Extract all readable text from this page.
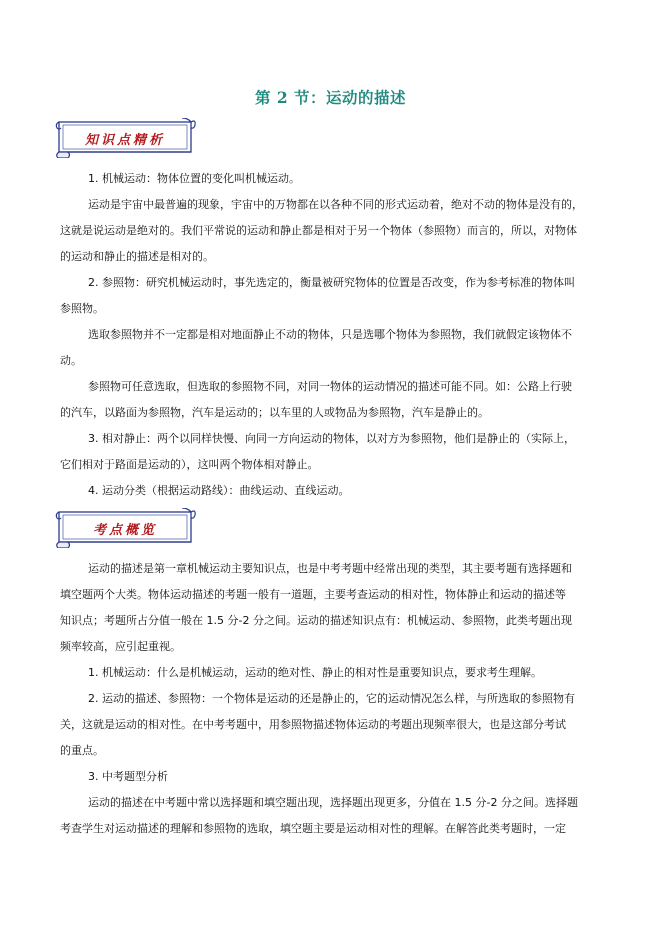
第 2 节：运动的描述
知识点精析
考点概览
1. 机械运动：物体位置的变化叫机械运动。
运动是宇宙中最普遍的现象，宇宙中的万物都在以各种不同的形式运动着，绝对不动的物体是没有的，
这就是说运动是绝对的。我们平常说的运动和静止都是相对于另一个物体（参照物）而言的，所以，对物体
的运动和静止的描述是相对的。
2. 参照物：研究机械运动时，事先选定的，衡量被研究物体的位置是否改变，作为参考标准的物体叫
参照物。
选取参照物并不一定都是相对地面静止不动的物体，只是选哪个物体为参照物，我们就假定该物体不
动。
参照物可任意选取，但选取的参照物不同，对同一物体的运动情况的描述可能不同。如：公路上行驶
的汽车，以路面为参照物，汽车是运动的；以车里的人或物品为参照物，汽车是静止的。
3. 相对静止：两个以同样快慢、向同一方向运动的物体，以对方为参照物，他们是静止的（实际上，
它们相对于路面是运动的），这叫两个物体相对静止。
4. 运动分类（根据运动路线）：曲线运动、直线运动。
运动的描述是第一章机械运动主要知识点，也是中考考题中经常出现的类型，其主要考题有选择题和
填空题两个大类。物体运动描述的考题一般有一道题，主要考查运动的相对性，物体静止和运动的描述等
知识点；考题所占分值一般在 1.5 分-2 分之间。运动的描述知识点有：机械运动、参照物，此类考题出现
频率较高，应引起重视。
1. 机械运动：什么是机械运动，运动的绝对性、静止的相对性是重要知识点，要求考生理解。
2. 运动的描述、参照物：一个物体是运动的还是静止的，它的运动情况怎么样，与所选取的参照物有
关，这就是运动的相对性。在中考考题中，用参照物描述物体运动的考题出现频率很大，也是这部分考试
的重点。
3. 中考题型分析
运动的描述在中考题中常以选择题和填空题出现，选择题出现更多，分值在 1.5 分-2 分之间。选择题
考查学生对运动描述的理解和参照物的选取，填空题主要是运动相对性的理解。在解答此类考题时，一定
